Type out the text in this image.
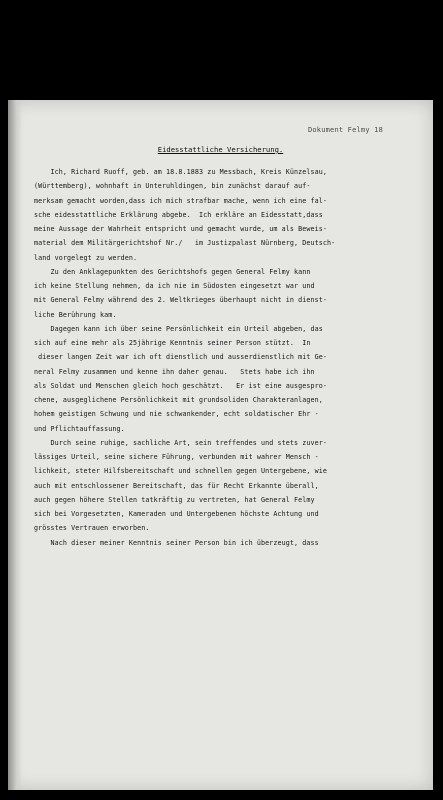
Dokument Felmy 18
Eidesstattliche Versicherung.
Ich, Richard Ruoff, geb. am 18.8.1883 zu Messbach, Kreis Künzelsau,
(Württemberg), wohnhaft in Unteruhldingen, bin zunächst darauf auf-
merksam gemacht worden,dass ich mich strafbar mache, wenn ich eine fal-
sche eidesstattliche Erklärung abgebe.  Ich erkläre an Eidesstatt,dass
meine Aussage der Wahrheit entspricht und gemacht wurde, um als Beweis-
material dem Militärgerichtshof Nr./   im Justizpalast Nürnberg, Deutsch-
land vorgelegt zu werden.
Zu den Anklagepunkten des Gerichtshofs gegen General Felmy kann
ich keine Stellung nehmen, da ich nie im Südosten eingesetzt war und
mit General Felmy während des 2. Weltkrieges überhaupt nicht in dienst-
liche Berührung kam.
Dagegen kann ich über seine Persönlichkeit ein Urteil abgeben, das
sich auf eine mehr als 25jährige Kenntnis seiner Person stützt.  In
dieser langen Zeit war ich oft dienstlich und ausserdienstlich mit Ge-
neral Felmy zusammen und kenne ihn daher genau.   Stets habe ich ihn
als Soldat und Menschen gleich hoch geschätzt.   Er ist eine ausgespro-
chene, ausgeglichene Persönlichkeit mit grundsoliden Charakteranlagen,
hohem geistigen Schwung und nie schwankender, echt soldatischer Ehr -
und Pflichtauffassung.
Durch seine ruhige, sachliche Art, sein treffendes und stets zuver-
lässiges Urteil, seine sichere Führung, verbunden mit wahrer Mensch -
lichkeit, steter Hilfsbereitschaft und schnellen gegen Untergebene, wie
auch mit entschlossener Bereitschaft, das für Recht Erkannte überall,
auch gegen höhere Stellen tatkräftig zu vertreten, hat General Felmy
sich bei Vorgesetzten, Kameraden und Untergebenen höchste Achtung und
grösstes Vertrauen erworben.
Nach dieser meiner Kenntnis seiner Person bin ich überzeugt, dass
